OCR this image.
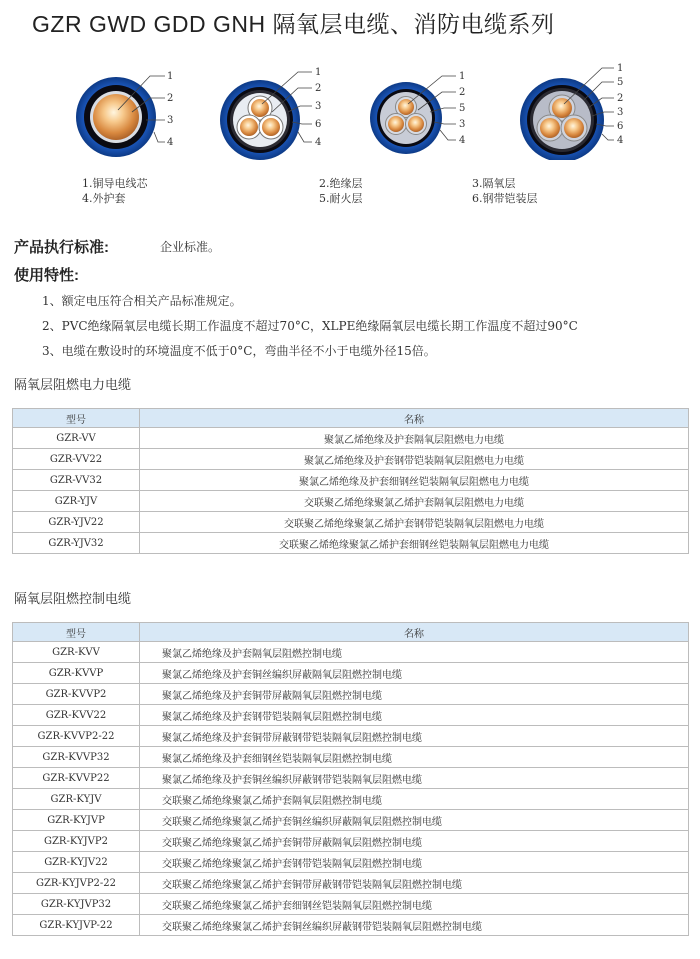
GZR GWD GDD GNH 隔氧层电缆、消防电缆系列
1
2
3
4
1
2
3
6
4
1
2
5
3
4
1
5
2
3
6
4
1.铜导电线芯
4.外护套
2.绝缘层
5.耐火层
3.隔氧层
6.钢带铠装层
产品执行标准:	企业标准。
使用特性:
1、额定电压符合相关产品标准规定。
2、PVC绝缘隔氧层电缆长期工作温度不超过70°C，XLPE绝缘隔氧层电缆长期工作温度不超过90°C
3、电缆在敷设时的环境温度不低于0°C，弯曲半径不小于电缆外径15倍。
隔氧层阻燃电力电缆
型号	名称
GZR-VV	聚氯乙烯绝缘及护套隔氧层阻燃电力电缆
GZR-VV22	聚氯乙烯绝缘及护套钢带铠装隔氧层阻燃电力电缆
GZR-VV32	聚氯乙烯绝缘及护套细钢丝铠装隔氧层阻燃电力电缆
GZR-YJV	交联聚乙烯绝缘聚氯乙烯护套隔氧层阻燃电力电缆
GZR-YJV22	交联聚乙烯绝缘聚氯乙烯护套钢带铠装隔氧层阻燃电力电缆
GZR-YJV32	交联聚乙烯绝缘聚氯乙烯护套细钢丝铠装隔氧层阻燃电力电缆
隔氧层阻燃控制电缆
型号	名称
GZR-KVV	聚氯乙烯绝缘及护套隔氧层阻燃控制电缆
GZR-KVVP	聚氯乙烯绝缘及护套铜丝编织屏蔽隔氧层阻燃控制电缆
GZR-KVVP2	聚氯乙烯绝缘及护套铜带屏蔽隔氧层阻燃控制电缆
GZR-KVV22	聚氯乙烯绝缘及护套钢带铠装隔氧层阻燃控制电缆
GZR-KVVP2-22	聚氯乙烯绝缘及护套铜带屏蔽钢带铠装隔氧层阻燃控制电缆
GZR-KVVP32	聚氯乙烯绝缘及护套细钢丝铠装隔氧层阻燃控制电缆
GZR-KVVP22	聚氯乙烯绝缘及护套铜丝编织屏蔽钢带铠装隔氧层阻燃电缆
GZR-KYJV	交联聚乙烯绝缘聚氯乙烯护套隔氧层阻燃控制电缆
GZR-KYJVP	交联聚乙烯绝缘聚氯乙烯护套铜丝编织屏蔽隔氧层阻燃控制电缆
GZR-KYJVP2	交联聚乙烯绝缘聚氯乙烯护套铜带屏蔽隔氧层阻燃控制电缆
GZR-KYJV22	交联聚乙烯绝缘聚氯乙烯护套钢带铠装隔氧层阻燃控制电缆
GZR-KYJVP2-22	交联聚乙烯绝缘聚氯乙烯护套铜带屏蔽钢带铠装隔氧层阻燃控制电缆
GZR-KYJVP32	交联聚乙烯绝缘聚氯乙烯护套细钢丝铠装隔氧层阻燃控制电缆
GZR-KYJVP-22	交联聚乙烯绝缘聚氯乙烯护套铜丝编织屏蔽钢带铠装隔氧层阻燃控制电缆
